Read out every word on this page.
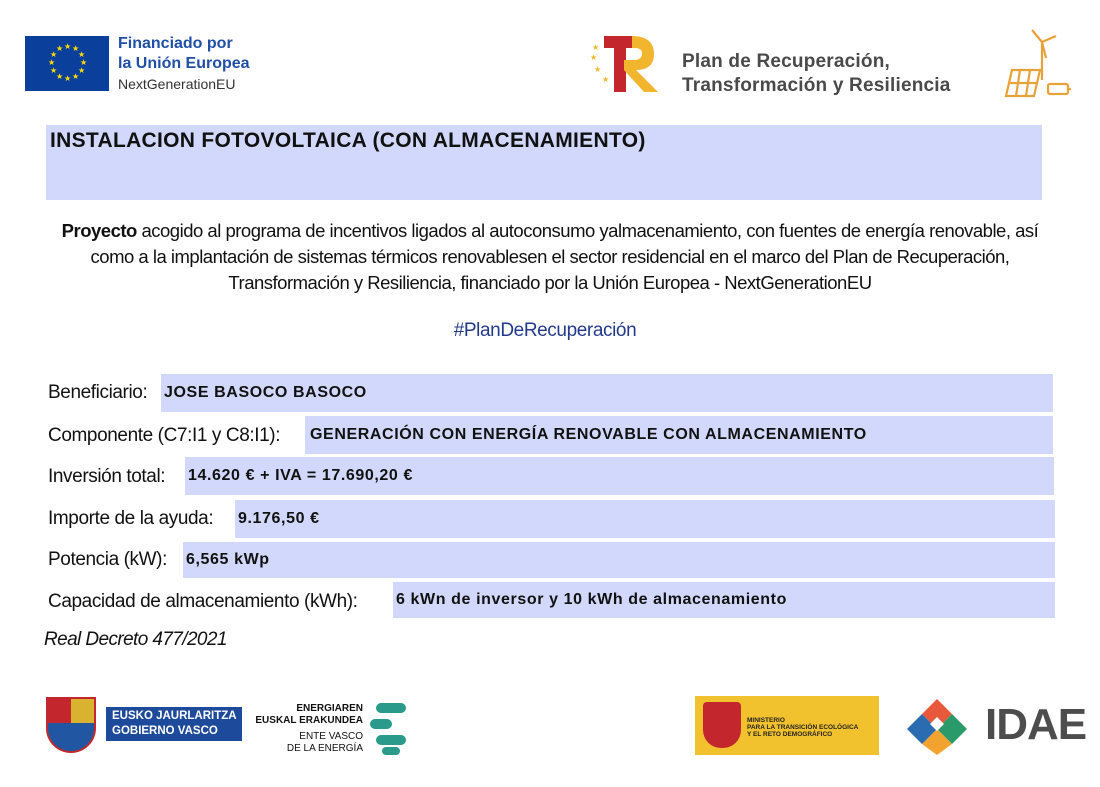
★ ★
★
★
★
★
★
★
★
★
★
★	Financiado por
la Unión Europea
NextGenerationEU
★
★
★
★
Plan de Recuperación,
Transformación y Resiliencia
INSTALACION FOTOVOLTAICA (CON ALMACENAMIENTO)
Proyecto acogido al programa de incentivos ligados al autoconsumo yalmacenamiento, con fuentes de energía renovable, así como a la implantación de sistemas térmicos renovablesen el sector residencial en el marco del Plan de Recuperación, Transformación y Resiliencia, financiado por la Unión Europea - NextGenerationEU
#PlanDeRecuperación
Beneficiario: JOSE BASOCO BASOCO
Componente (C7:I1 y C8:I1):	GENERACIÓN CON ENERGÍA RENOVABLE CON ALMACENAMIENTO
Inversión total: 14.620 € + IVA = 17.690,20 €
Importe de la ayuda: 9.176,50 €
Potencia (kW): 6,565 kWp
Capacidad de almacenamiento (kWh): 6 kWn de inversor y 10 kWh de almacenamiento
Real Decreto 477/2021
EUSKO JAURLARITZA
GOBIERNO VASCO
ENERGIAREN
EUSKAL ERAKUNDEA
ENTE VASCO
DE LA ENERGÍA
MINISTERIO
PARA LA TRANSICIÓN ECOLÓGICA
Y EL RETO DEMOGRÁFICO	IDAE
